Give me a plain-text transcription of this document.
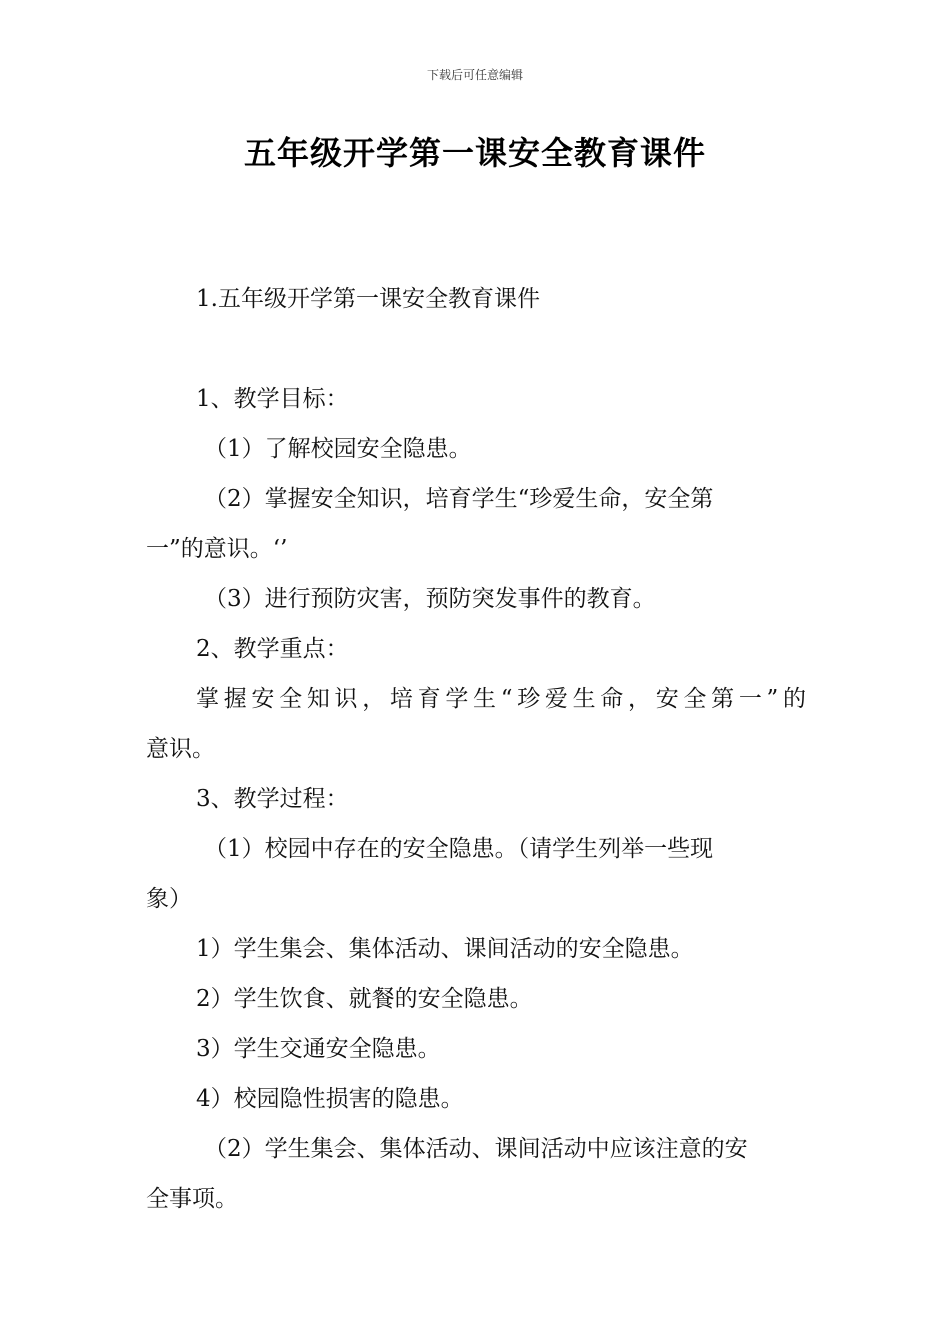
下载后可任意编辑
五年级开学第一课安全教育课件
1.五年级开学第一课安全教育课件
1、教学目标：
（1）了解校园安全隐患。
（2）掌握安全知识，培育学生“珍爱生命，安全第
一”的意识。‘’
（3）进行预防灾害，预防突发事件的教育。
2、教学重点：
掌握安全知识，培育学生“珍爱生命，安全第一”的
意识。
3、教学过程：
（1）校园中存在的安全隐患。（请学生列举一些现
象）
1）学生集会、集体活动、课间活动的安全隐患。
2）学生饮食、就餐的安全隐患。
3）学生交通安全隐患。
4）校园隐性损害的隐患。
（2）学生集会、集体活动、课间活动中应该注意的安
全事项。
